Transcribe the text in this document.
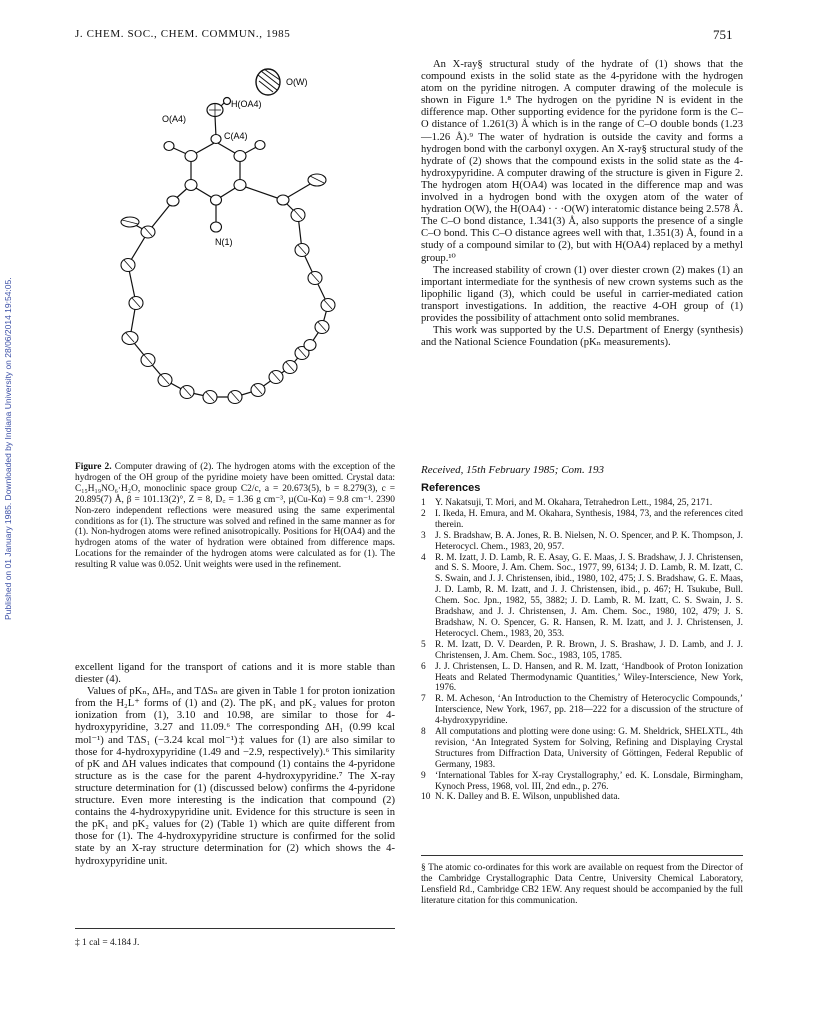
J. CHEM. SOC., CHEM. COMMUN., 1985	751
Published on 01 January 1985. Downloaded by Indiana University on 28/06/2014 19:54:05.
O(W)
H(OA4)
O(A4)
C(A4)
N(1)
Figure 2. Computer drawing of (2). The hydrogen atoms with the exception of the hydrogen of the OH group of the pyridine moiety have been omitted. Crystal data: C₁₅H₁₉NO₆·H₂O, monoclinic space group C2/c, a = 20.673(5), b = 8.279(3), c = 20.895(7) Å, β = 101.13(2)°, Z = 8, D꜀ = 1.36 g cm⁻³, µ(Cu-Kα) = 9.8 cm⁻¹. 2390 Non-zero independent reflections were measured using the same experimental conditions as for (1). The structure was solved and refined in the same manner as for (1). Non-hydrogen atoms were refined anisotropically. Positions for H(OA4) and the hydrogen atoms of the water of hydration were obtained from difference maps. Locations for the remainder of the hydrogen atoms were calculated as for (1). The resulting R value was 0.052. Unit weights were used in the refinement.

excellent ligand for the transport of cations and it is more stable than diester (4).

Values of pKₙ, ΔHₙ, and TΔSₙ are given in Table 1 for proton ionization from the H₂L⁺ forms of (1) and (2). The pK₁ and pK₂ values for proton ionization from (1), 3.10 and 10.98, are similar to those for 4-hydroxypyridine, 3.27 and 11.09.⁶ The corresponding ΔH₁ (0.99 kcal mol⁻¹) and TΔS₁ (−3.24 kcal mol⁻¹)‡ values for (1) are also similar to those for 4-hydroxypyridine (1.49 and −2.9, respectively).⁶ This similarity of pK and ΔH values indicates that compound (1) contains the 4-pyridone structure as is the case for the parent 4-hydroxypyridine.⁷ The X-ray structure determination for (1) (discussed below) confirms the 4-pyridone structure. Even more interesting is the indication that compound (2) contains the 4-hydroxypyridine unit. Evidence for this structure is seen in the pK₁ and pK₂ values for (2) (Table 1) which are quite different from those for (1). The 4-hydroxypyridine structure is confirmed for the solid state by an X-ray structure determination for (2) which shows the 4-hydroxypyridine unit.

‡ 1 cal = 4.184 J.

An X-ray§ structural study of the hydrate of (1) shows that the compound exists in the solid state as the 4-pyridone with the hydrogen atom on the pyridine nitrogen. A computer drawing of the molecule is shown in Figure 1.⁸ The hydrogen on the pyridine N is evident in the difference map. Other supporting evidence for the pyridone form is the C–O distance of 1.261(3) Å which is in the range of C–O double bonds (1.23—1.26 Å).⁹ The water of hydration is outside the cavity and forms a hydrogen bond with the carbonyl oxygen. An X-ray§ structural study of the hydrate of (2) shows that the compound exists in the solid state as the 4-hydroxypyridine. A computer drawing of the structure is given in Figure 2. The hydrogen atom H(OA4) was located in the difference map and was involved in a hydrogen bond with the oxygen atom of the water of hydration O(W), the H(OA4) · · ·O(W) interatomic distance being 2.578 Å. The C–O bond distance, 1.341(3) Å, also supports the presence of a single C–O bond. This C–O distance agrees well with that, 1.351(3) Å, found in a study of a compound similar to (2), but with H(OA4) replaced by a methyl group.¹⁰

The increased stability of crown (1) over diester crown (2) makes (1) an important intermediate for the synthesis of new crown systems such as the lipophilic ligand (3), which could be useful in carrier-mediated cation transport investigations. In addition, the reactive 4-OH group of (1) provides the possibility of attachment onto solid membranes.

This work was supported by the U.S. Department of Energy (synthesis) and the National Science Foundation (pKₙ measurements).

Received, 15th February 1985; Com. 193
References

1 Y. Nakatsuji, T. Mori, and M. Okahara, Tetrahedron Lett., 1984, 25, 2171.

2 I. Ikeda, H. Emura, and M. Okahara, Synthesis, 1984, 73, and the references cited therein.

3 J. S. Bradshaw, B. A. Jones, R. B. Nielsen, N. O. Spencer, and P. K. Thompson, J. Heterocycl. Chem., 1983, 20, 957.

4 R. M. Izatt, J. D. Lamb, R. E. Asay, G. E. Maas, J. S. Bradshaw, J. J. Christensen, and S. S. Moore, J. Am. Chem. Soc., 1977, 99, 6134; J. D. Lamb, R. M. Izatt, C. S. Swain, and J. J. Christensen, ibid., 1980, 102, 475; J. S. Bradshaw, G. E. Maas, J. D. Lamb, R. M. Izatt, and J. J. Christensen, ibid., p. 467; H. Tsukube, Bull. Chem. Soc. Jpn., 1982, 55, 3882; J. D. Lamb, R. M. Izatt, C. S. Swain, J. S. Bradshaw, and J. J. Christensen, J. Am. Chem. Soc., 1980, 102, 479; J. S. Bradshaw, N. O. Spencer, G. R. Hansen, R. M. Izatt, and J. J. Christensen, J. Heterocycl. Chem., 1983, 20, 353.

5 R. M. Izatt, D. V. Dearden, P. R. Brown, J. S. Brashaw, J. D. Lamb, and J. J. Christensen, J. Am. Chem. Soc., 1983, 105, 1785.

6 J. J. Christensen, L. D. Hansen, and R. M. Izatt, ‘Handbook of Proton Ionization Heats and Related Thermodynamic Quantities,’ Wiley-Interscience, New York, 1976.

7 R. M. Acheson, ‘An Introduction to the Chemistry of Heterocyclic Compounds,’ Interscience, New York, 1967, pp. 218—222 for a discussion of the structure of 4-hydroxypyridine.

8 All computations and plotting were done using: G. M. Sheldrick, SHELXTL, 4th revision, ‘An Integrated System for Solving, Refining and Displaying Crystal Structures from Diffraction Data, University of Göttingen, Federal Republic of Germany, 1983.

9 ‘International Tables for X-ray Crystallography,’ ed. K. Lonsdale, Birmingham, Kynoch Press, 1968, vol. III, 2nd edn., p. 276.

10 N. K. Dalley and B. E. Wilson, unpublished data.

§ The atomic co-ordinates for this work are available on request from the Director of the Cambridge Crystallographic Data Centre, University Chemical Laboratory, Lensfield Rd., Cambridge CB2 1EW. Any request should be accompanied by the full literature citation for this communication.
